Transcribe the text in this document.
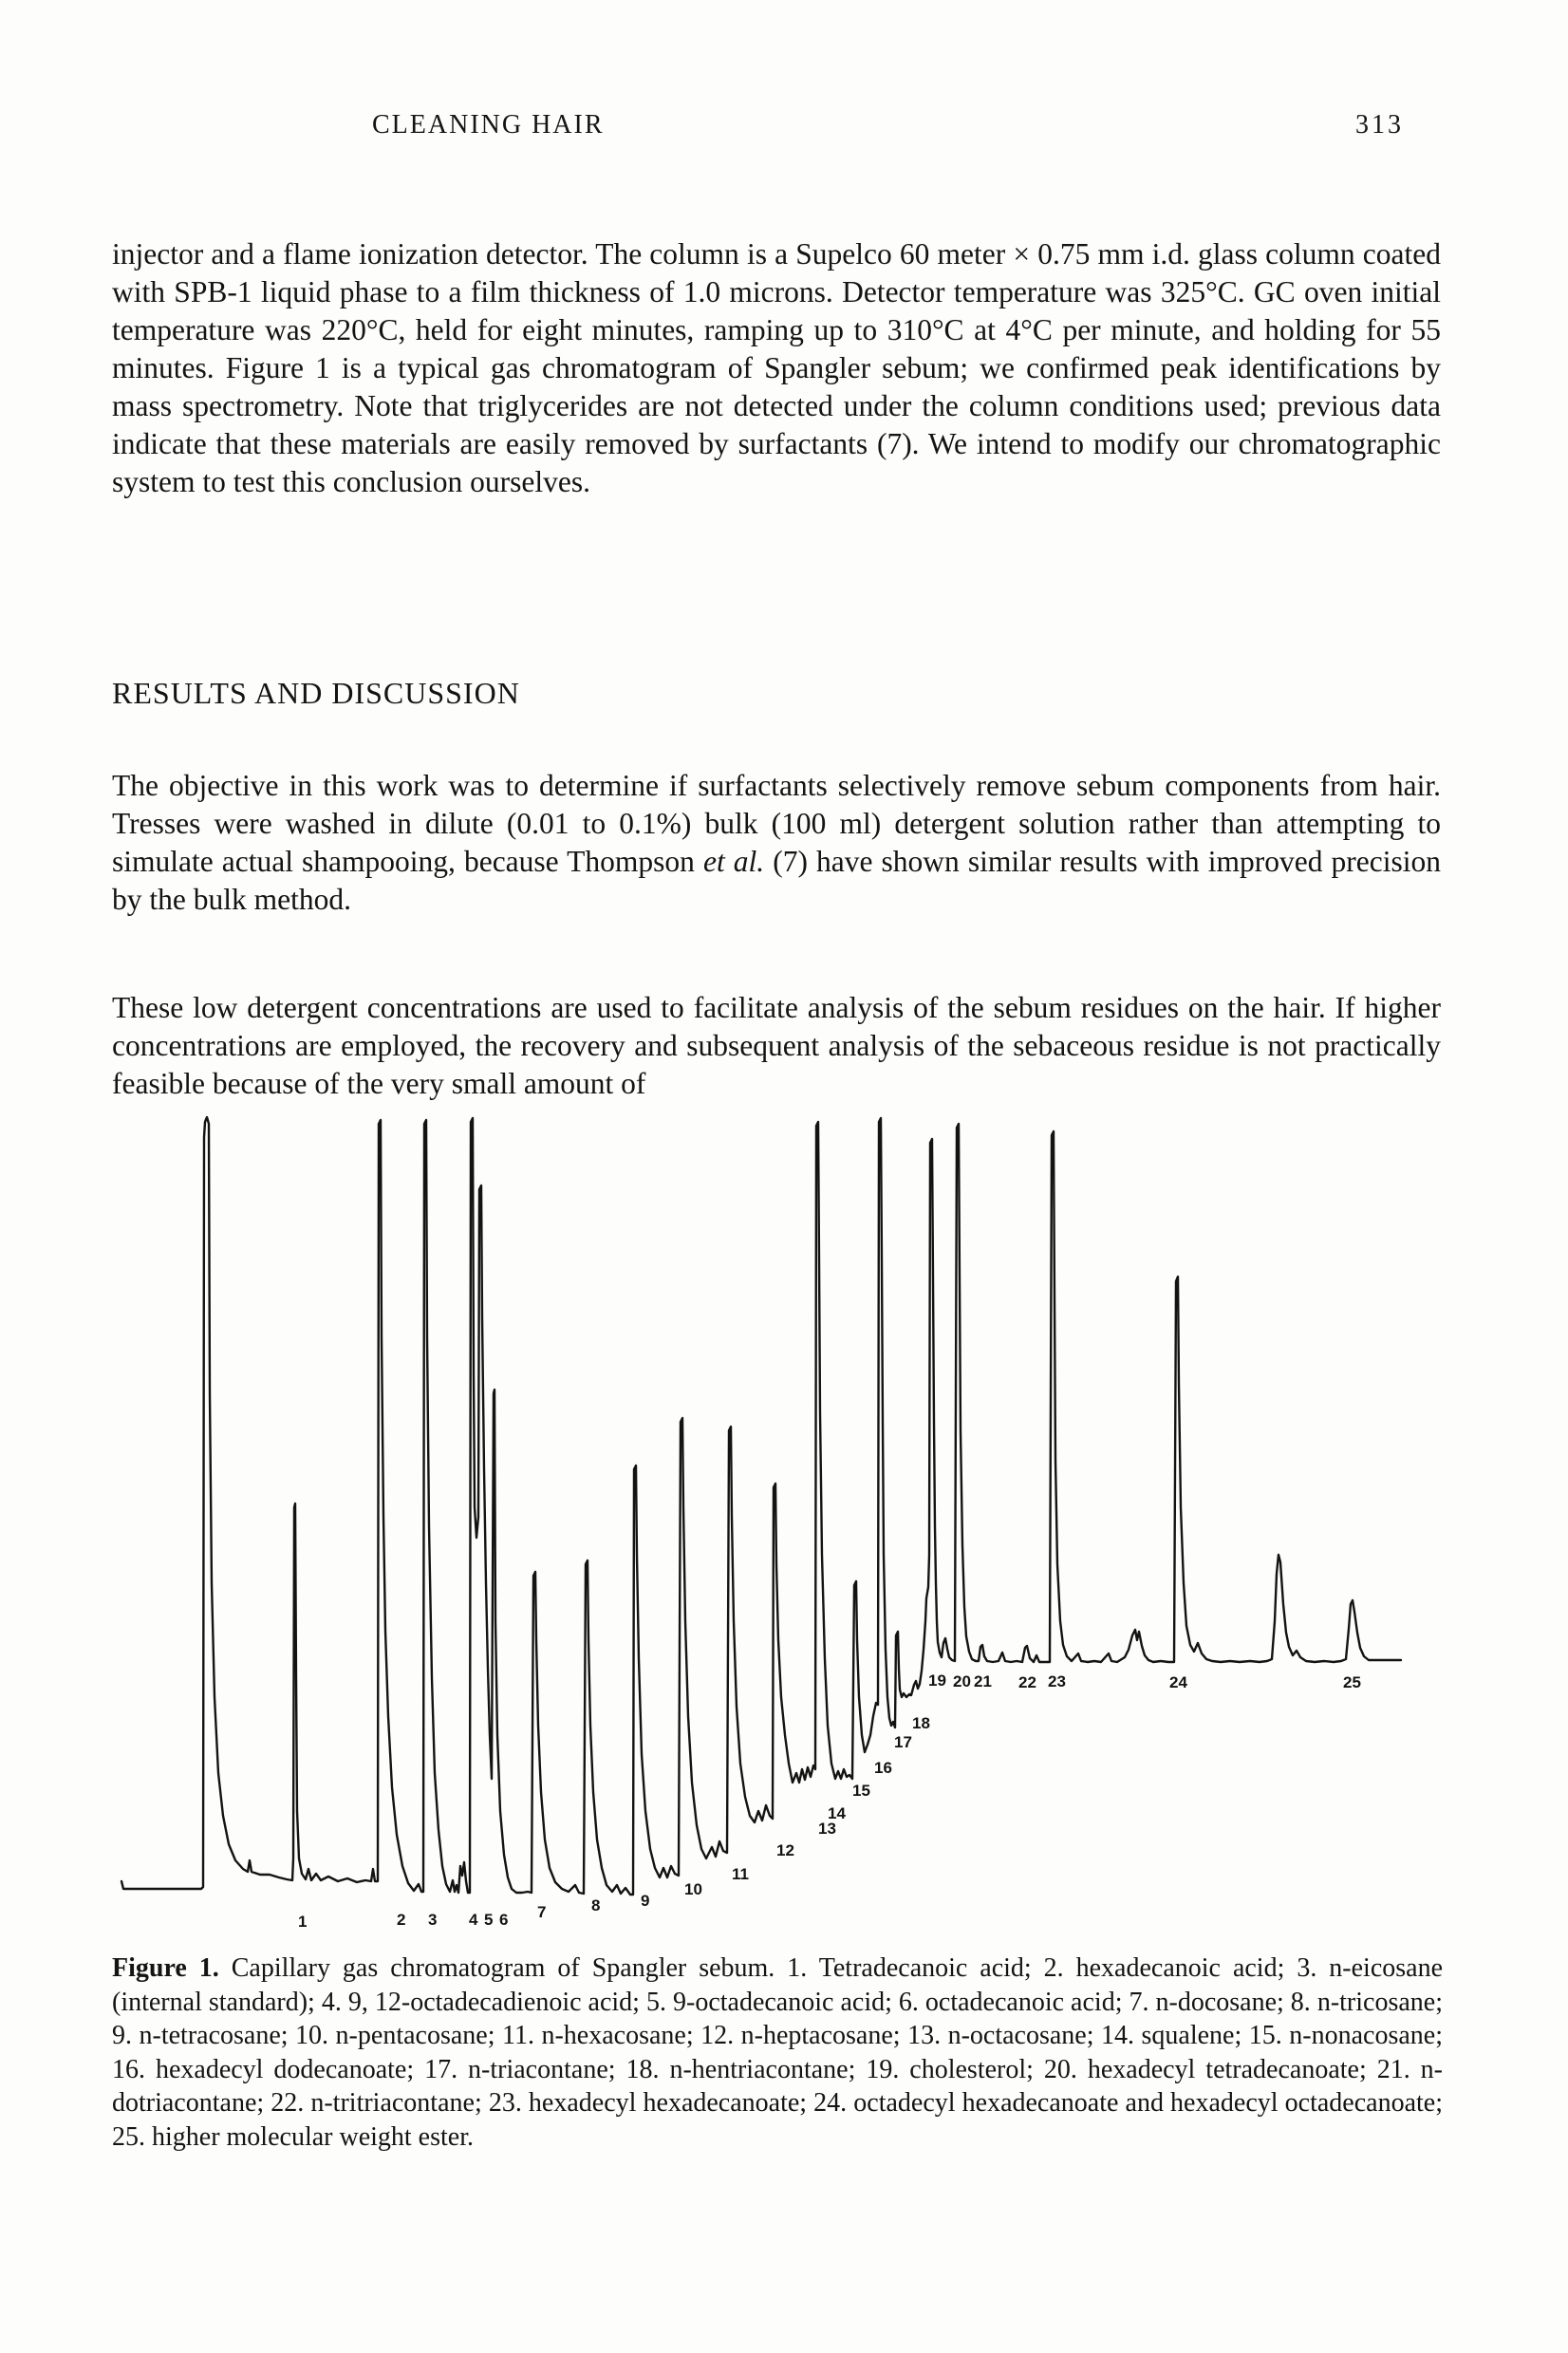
CLEANING HAIR	313

injector and a flame ionization detector. The column is a Supelco 60 meter × 0.75 mm i.d. glass column coated with SPB-1 liquid phase to a film thickness of 1.0 microns. Detector temperature was 325°C. GC oven initial temperature was 220°C, held for eight minutes, ramping up to 310°C at 4°C per minute, and holding for 55 minutes. Figure 1 is a typical gas chromatogram of Spangler sebum; we confirmed peak identifications by mass spectrometry. Note that triglycerides are not detected under the column conditions used; previous data indicate that these materials are easily removed by surfactants (7). We intend to modify our chromatographic system to test this conclusion ourselves.

RESULTS AND DISCUSSION

The objective in this work was to determine if surfactants selectively remove sebum components from hair. Tresses were washed in dilute (0.01 to 0.1%) bulk (100 ml) detergent solution rather than attempting to simulate actual shampooing, because Thompson et al. (7) have shown similar results with improved precision by the bulk method.

These low detergent concentrations are used to facilitate analysis of the sebum residues on the hair. If higher concentrations are employed, the recovery and subsequent analysis of the sebaceous residue is not practically feasible because of the very small amount of

1	2 3 4 5 6 7	8	9
10
11
12
13
14
15
16
17
18
19 20 21 22 23	24	25
Figure 1. Capillary gas chromatogram of Spangler sebum. 1. Tetradecanoic acid; 2. hexadecanoic acid; 3. n-eicosane (internal standard); 4. 9, 12-octadecadienoic acid; 5. 9-octadecanoic acid; 6. octadecanoic acid; 7. n-docosane; 8. n-tricosane; 9. n-tetracosane; 10. n-pentacosane; 11. n-hexacosane; 12. n-heptacosane; 13. n-octacosane; 14. squalene; 15. n-nonacosane; 16. hexadecyl dodecanoate; 17. n-triacontane; 18. n-hentriacontane; 19. cholesterol; 20. hexadecyl tetradecanoate; 21. n-dotriacontane; 22. n-tritriacontane; 23. hexadecyl hexadecanoate; 24. octadecyl hexadecanoate and hexadecyl octadecanoate; 25. higher molecular weight ester.
